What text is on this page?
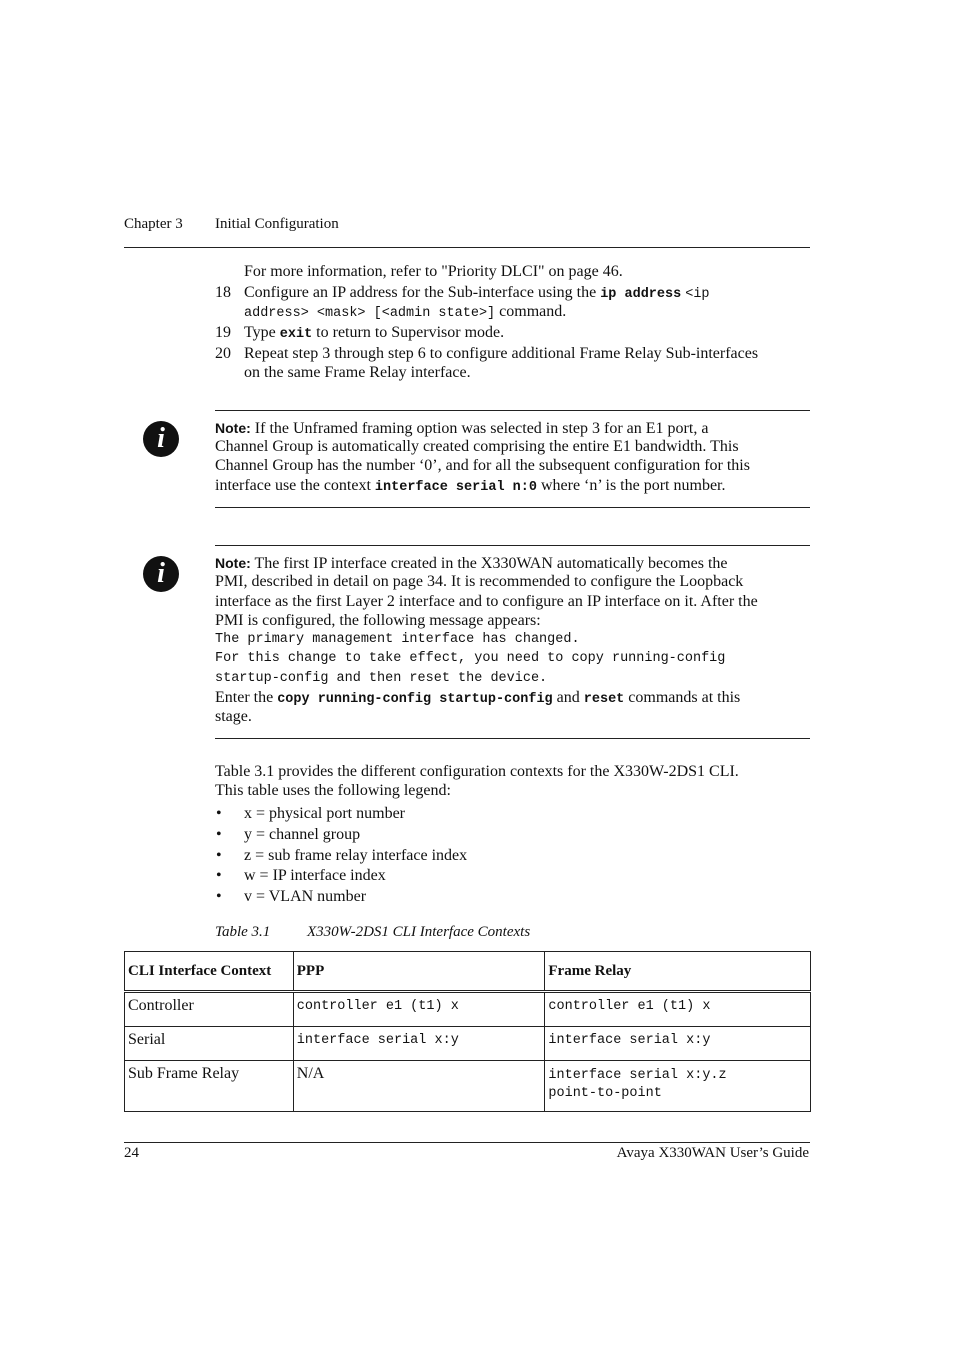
Chapter 3 Initial Configuration
For more information, refer to "Priority DLCI" on page 46.
18 Configure an IP address for the Sub-interface using the ip address <ip
address> <mask> [<admin state>] command.
19 Type exit to return to Supervisor mode.
20 Repeat step 3 through step 6 to configure additional Frame Relay Sub-interfaces
on the same Frame Relay interface.
i	Note: If the Unframed framing option was selected in step 3 for an E1 port, a
Channel Group is automatically created comprising the entire E1 bandwidth. This
Channel Group has the number ‘0’, and for all the subsequent configuration for this
interface use the context interface serial n:0 where ‘n’ is the port number.
i	Note: The first IP interface created in the X330WAN automatically becomes the
PMI, described in detail on page 34. It is recommended to configure the Loopback
interface as the first Layer 2 interface and to configure an IP interface on it. After the
PMI is configured, the following message appears:
The primary management interface has changed.
For this change to take effect, you need to copy running-config
startup-config and then reset the device.
Enter the copy running-config startup-config and reset commands at this
stage.
Table 3.1 provides the different configuration contexts for the X330W-2DS1 CLI.
This table uses the following legend:
• x = physical port number
• y = channel group
• z = sub frame relay interface index
• w = IP interface index
• v = VLAN number
Table 3.1 X330W-2DS1 CLI Interface Contexts
CLI Interface Context	PPP	Frame Relay
Controller	controller e1 (t1) x	controller e1 (t1) x
Serial	interface serial x:y	interface serial x:y
Sub Frame Relay	N/A	interface serial x:y.z
point-to-point
24	Avaya X330WAN User’s Guide
